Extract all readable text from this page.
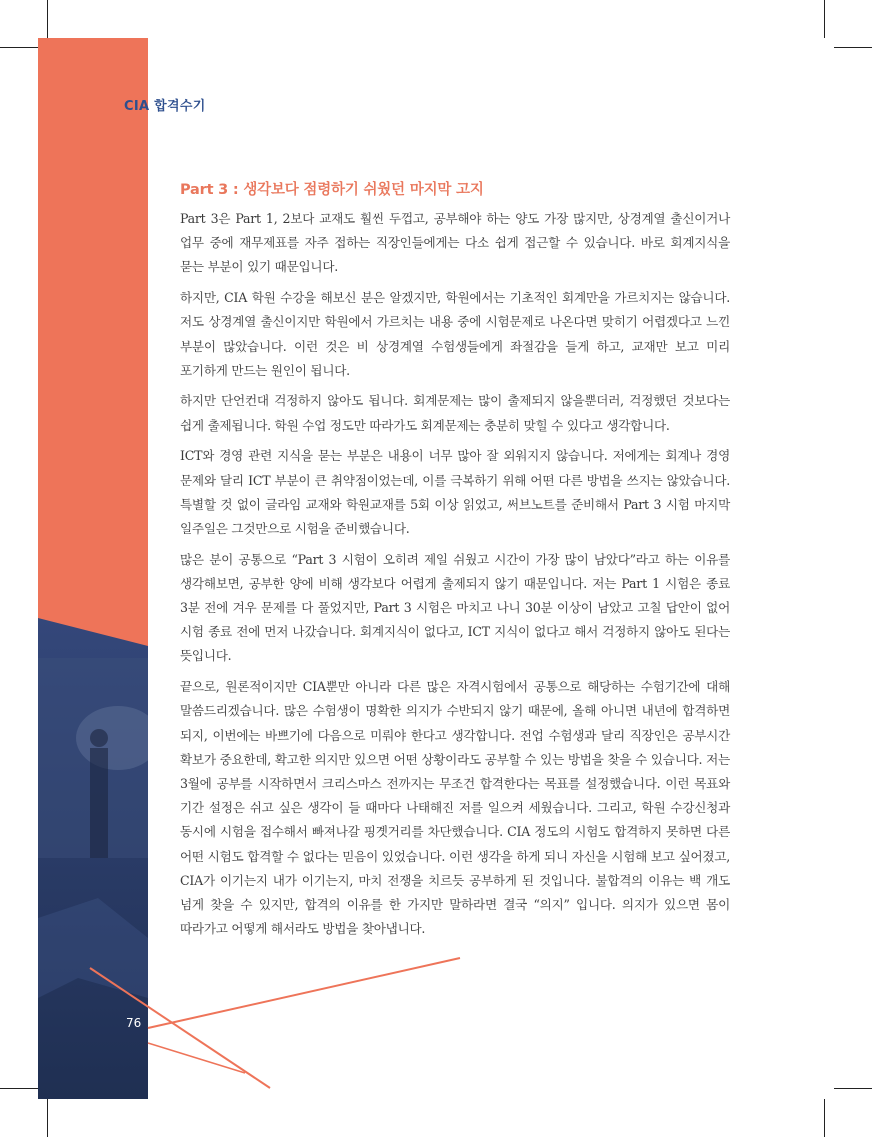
CIA 합격수기
Part 3 : 생각보다 점령하기 쉬웠던 마지막 고지

Part 3은 Part 1, 2보다 교재도 훨씬 두껍고, 공부해야 하는 양도 가장 많지만, 상경계열 출신이거나 업무 중에 재무제표를 자주 접하는 직장인들에게는 다소 쉽게 접근할 수 있습니다. 바로 회계지식을 묻는 부분이 있기 때문입니다.

하지만, CIA 학원 수강을 해보신 분은 알겠지만, 학원에서는 기초적인 회계만을 가르치지는 않습니다. 저도 상경계열 출신이지만 학원에서 가르치는 내용 중에 시험문제로 나온다면 맞히기 어렵겠다고 느낀 부분이 많았습니다. 이런 것은 비 상경계열 수험생들에게 좌절감을 들게 하고, 교재만 보고 미리 포기하게 만드는 원인이 됩니다.

하지만 단언컨대 걱정하지 않아도 됩니다. 회계문제는 많이 출제되지 않을뿐더러, 걱정했던 것보다는 쉽게 출제됩니다. 학원 수업 정도만 따라가도 회계문제는 충분히 맞힐 수 있다고 생각합니다.

ICT와 경영 관련 지식을 묻는 부분은 내용이 너무 많아 잘 외워지지 않습니다. 저에게는 회계나 경영 문제와 달리 ICT 부분이 큰 취약점이었는데, 이를 극복하기 위해 어떤 다른 방법을 쓰지는 않았습니다. 특별할 것 없이 글라임 교재와 학원교재를 5회 이상 읽었고, 써브노트를 준비해서 Part 3 시험 마지막 일주일은 그것만으로 시험을 준비했습니다.

많은 분이 공통으로 “Part 3 시험이 오히려 제일 쉬웠고 시간이 가장 많이 남았다”라고 하는 이유를 생각해보면, 공부한 양에 비해 생각보다 어렵게 출제되지 않기 때문입니다. 저는 Part 1 시험은 종료 3분 전에 겨우 문제를 다 풀었지만, Part 3 시험은 마치고 나니 30분 이상이 남았고 고칠 답안이 없어 시험 종료 전에 먼저 나갔습니다. 회계지식이 없다고, ICT 지식이 없다고 해서 걱정하지 않아도 된다는 뜻입니다.

끝으로, 원론적이지만 CIA뿐만 아니라 다른 많은 자격시험에서 공통으로 해당하는 수험기간에 대해 말씀드리겠습니다. 많은 수험생이 명확한 의지가 수반되지 않기 때문에, 올해 아니면 내년에 합격하면 되지, 이번에는 바쁘기에 다음으로 미뤄야 한다고 생각합니다. 전업 수험생과 달리 직장인은 공부시간 확보가 중요한데, 확고한 의지만 있으면 어떤 상황이라도 공부할 수 있는 방법을 찾을 수 있습니다. 저는 3월에 공부를 시작하면서 크리스마스 전까지는 무조건 합격한다는 목표를 설정했습니다. 이런 목표와 기간 설정은 쉬고 싶은 생각이 들 때마다 나태해진 저를 일으켜 세웠습니다. 그리고, 학원 수강신청과 동시에 시험을 접수해서 빠져나갈 핑곗거리를 차단했습니다. CIA 정도의 시험도 합격하지 못하면 다른 어떤 시험도 합격할 수 없다는 믿음이 있었습니다. 이런 생각을 하게 되니 자신을 시험해 보고 싶어졌고, CIA가 이기는지 내가 이기는지, 마치 전쟁을 치르듯 공부하게 된 것입니다. 불합격의 이유는 백 개도 넘게 찾을 수 있지만, 합격의 이유를 한 가지만 말하라면 결국 “의지” 입니다. 의지가 있으면 몸이 따라가고 어떻게 해서라도 방법을 찾아냅니다.

76
